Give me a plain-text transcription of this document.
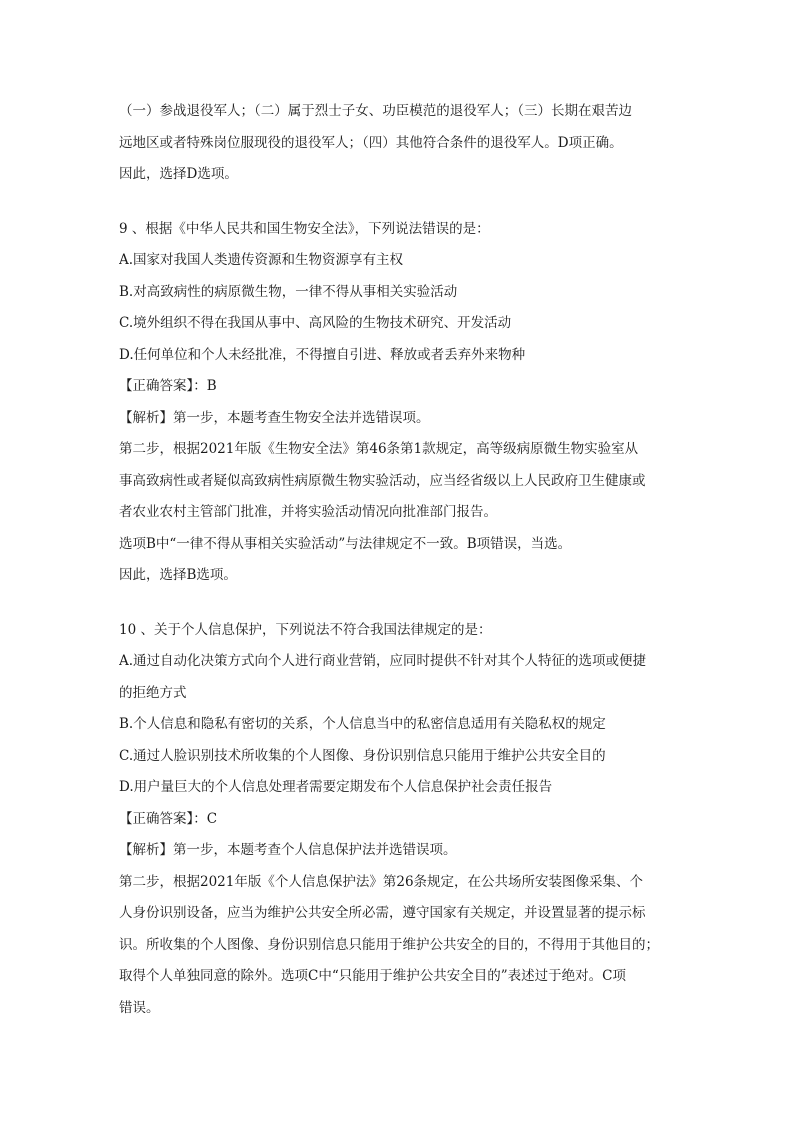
（一）参战退役军人；（二）属于烈士子女、功臣模范的退役军人；（三）长期在艰苦边
远地区或者特殊岗位服现役的退役军人；（四）其他符合条件的退役军人。D项正确。
因此，选择D选项。
9 、根据《中华人民共和国生物安全法》，下列说法错误的是：
A.国家对我国人类遗传资源和生物资源享有主权
B.对高致病性的病原微生物，一律不得从事相关实验活动
C.境外组织不得在我国从事中、高风险的生物技术研究、开发活动
D.任何单位和个人未经批准，不得擅自引进、释放或者丢弃外来物种
【正确答案】：B
【解析】第一步，本题考查生物安全法并选错误项。
第二步，根据2021年版《生物安全法》第46条第1款规定，高等级病原微生物实验室从
事高致病性或者疑似高致病性病原微生物实验活动，应当经省级以上人民政府卫生健康或
者农业农村主管部门批准，并将实验活动情况向批准部门报告。
选项B中“一律不得从事相关实验活动”与法律规定不一致。B项错误，当选。
因此，选择B选项。
10 、关于个人信息保护，下列说法不符合我国法律规定的是：
A.通过自动化决策方式向个人进行商业营销，应同时提供不针对其个人特征的选项或便捷
的拒绝方式
B.个人信息和隐私有密切的关系，个人信息当中的私密信息适用有关隐私权的规定
C.通过人脸识别技术所收集的个人图像、身份识别信息只能用于维护公共安全目的
D.用户量巨大的个人信息处理者需要定期发布个人信息保护社会责任报告
【正确答案】：C
【解析】第一步，本题考查个人信息保护法并选错误项。
第二步，根据2021年版《个人信息保护法》第26条规定，在公共场所安装图像采集、个
人身份识别设备，应当为维护公共安全所必需，遵守国家有关规定，并设置显著的提示标
识。所收集的个人图像、身份识别信息只能用于维护公共安全的目的，不得用于其他目的；
取得个人单独同意的除外。选项C中“只能用于维护公共安全目的”表述过于绝对。C项
错误。
